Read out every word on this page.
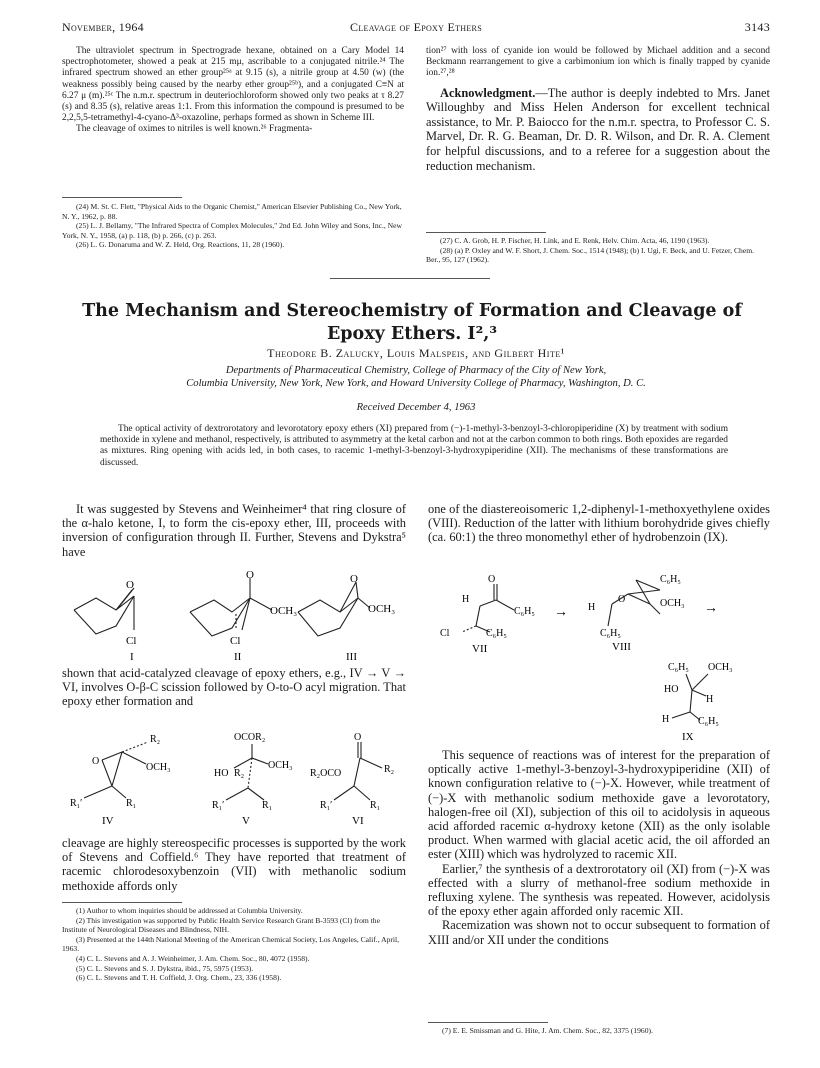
November, 1964	Cleavage of Epoxy Ethers	3143

The ultraviolet spectrum in Spectrograde hexane, obtained on a Cary Model 14 spectrophotometer, showed a peak at 215 mμ, ascribable to a conjugated nitrile.²⁴ The infrared spectrum showed an ether group²⁵ᵃ at 9.15 (s), a nitrile group at 4.50 (w) (the weakness possibly being caused by the nearby ether group²⁵ᵇ), and a conjugated C≡N at 6.27 μ (m).²⁵ᶜ The n.m.r. spectrum in deuteriochloroform showed only two peaks at τ 8.27 (s) and 8.35 (s), relative areas 1:1. From this information the compound is presumed to be 2,2,5,5-tetramethyl-4-cyano-Δ³-oxazoline, perhaps formed as shown in Scheme III.

The cleavage of oximes to nitriles is well known.²⁶ Fragmenta-

(24) M. St. C. Flett, "Physical Aids to the Organic Chemist," American Elsevier Publishing Co., New York, N. Y., 1962, p. 88.

(25) L. J. Bellamy, "The Infrared Spectra of Complex Molecules," 2nd Ed. John Wiley and Sons, Inc., New York, N. Y., 1958, (a) p. 118, (b) p. 266, (c) p. 263.

(26) L. G. Donaruma and W. Z. Held, Org. Reactions, 11, 28 (1960).

tion²⁷ with loss of cyanide ion would be followed by Michael addition and a second Beckmann rearrangement to give a carbimonium ion which is finally trapped by cyanide ion.²⁷,²⁸

Acknowledgment.—The author is deeply indebted to Mrs. Janet Willoughby and Miss Helen Anderson for excellent technical assistance, to Mr. P. Baiocco for the n.m.r. spectra, to Professor C. S. Marvel, Dr. R. G. Beaman, Dr. D. R. Wilson, and Dr. R. A. Clement for helpful discussions, and to a referee for a suggestion about the reduction mechanism.

(27) C. A. Grob, H. P. Fischer, H. Link, and E. Renk, Helv. Chim. Acta, 46, 1190 (1963).

(28) (a) P. Oxley and W. F. Short, J. Chem. Soc., 1514 (1948); (b) I. Ugi, F. Beck, and U. Fetzer, Chem. Ber., 95, 127 (1962).

The Mechanism and Stereochemistry of Formation and Cleavage of
Epoxy Ethers. I²,³
Theodore B. Zalucky, Louis Malspeis, and Gilbert Hite¹
Departments of Pharmaceutical Chemistry, College of Pharmacy of the City of New York,
Columbia University, New York, New York, and Howard University College of Pharmacy, Washington, D. C.
Received December 4, 1963
The optical activity of dextrorotatory and levorotatory epoxy ethers (XI) prepared from (−)-1-methyl-3-benzoyl-3-chloropiperidine (X) by treatment with sodium methoxide in xylene and methanol, respectively, is attributed to asymmetry at the ketal carbon and not at the carbon common to both rings. Both epoxides are regarded as mixtures. Ring opening with acids led, in both cases, to racemic 1-methyl-3-benzoyl-3-hydroxypiperidine (XII). The mechanisms of these transformations are discussed.

It was suggested by Stevens and Weinheimer⁴ that ring closure of the α-halo ketone, I, to form the cis-epoxy ether, III, proceeds with inversion of configuration through II. Further, Stevens and Dykstra⁵ have

O
Cl
I
O
OCH₃
Cl
II
O
OCH₃
III

shown that acid-catalyzed cleavage of epoxy ethers, e.g., IV → V → VI, involves O-β-C scission followed by O-to-O acyl migration. That epoxy ether formation and

R₂
O
OCH₃
R₁′	R₁
IV
OCOR₂
HO R₂
OCH₃
R₁′	R₁
V
O
R₂OCO	R₂
R₁′	R₁
VI

cleavage are highly stereospecific processes is supported by the work of Stevens and Coffield.⁶ They have reported that treatment of racemic chlorodesoxybenzoin (VII) with methanolic sodium methoxide affords only

(1) Author to whom inquiries should be addressed at Columbia University.

(2) This investigation was supported by Public Health Service Research Grant B-3593 (Cl) from the Institute of Neurological Diseases and Blindness, NIH.

(3) Presented at the 144th National Meeting of the American Chemical Society, Los Angeles, Calif., April, 1963.

(4) C. L. Stevens and A. J. Weinheimer, J. Am. Chem. Soc., 80, 4072 (1958).

(5) C. L. Stevens and S. J. Dykstra, ibid., 75, 5975 (1953).

(6) C. L. Stevens and T. H. Coffield, J. Org. Chem., 23, 336 (1958).

one of the diastereoisomeric 1,2-diphenyl-1-methoxyethylene oxides (VIII). Reduction of the latter with lithium borohydride gives chiefly (ca. 60:1) the threo monomethyl ether of hydrobenzoin (IX).

O
H
C₆H₅
Cl	C₆H₅
VII
→ H
O
C₆H₅
OCH₃
C₆H₅
VIII
→
C₆H₅ OCH₃
HO
H
H	C₆H₅
IX

This sequence of reactions was of interest for the preparation of optically active 1-methyl-3-benzoyl-3-hydroxypiperidine (XII) of known configuration relative to (−)-X. However, while treatment of (−)-X with methanolic sodium methoxide gave a levorotatory, halogen-free oil (XI), subjection of this oil to acidolysis in aqueous acid afforded racemic α-hydroxy ketone (XII) as the only isolable product. When warmed with glacial acetic acid, the oil afforded an ester (XIII) which was hydrolyzed to racemic XII.

Earlier,⁷ the synthesis of a dextrorotatory oil (XI) from (−)-X was effected with a slurry of methanol-free sodium methoxide in refluxing xylene. The synthesis was repeated. However, acidolysis of the epoxy ether again afforded only racemic XII.

Racemization was shown not to occur subsequent to formation of XIII and/or XII under the conditions

(7) E. E. Smissman and G. Hite, J. Am. Chem. Soc., 82, 3375 (1960).
